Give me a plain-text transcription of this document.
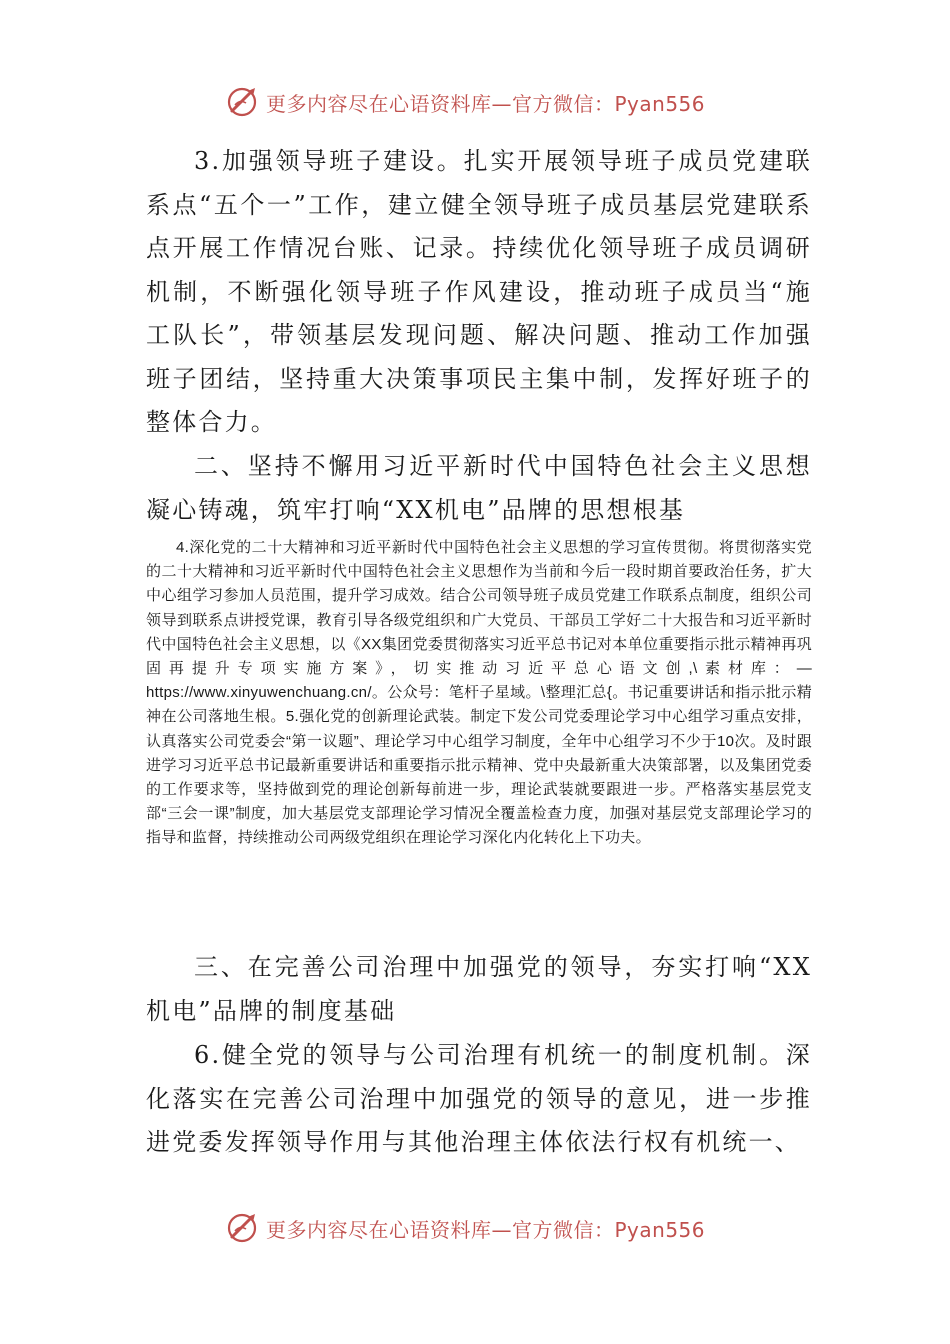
更多内容尽在心语资料库—官方微信：Pyan556

3.加强领导班子建设。扎实开展领导班子成员党建联系点“五个一”工作，建立健全领导班子成员基层党建联系点开展工作情况台账、记录。持续优化领导班子成员调研机制，不断强化领导班子作风建设，推动班子成员当“施工队长”，带领基层发现问题、解决问题、推动工作加强班子团结，坚持重大决策事项民主集中制，发挥好班子的整体合力。

二、坚持不懈用习近平新时代中国特色社会主义思想凝心铸魂，筑牢打响“XX机电”品牌的思想根基

4.深化党的二十大精神和习近平新时代中国特色社会主义思想的学习宣传贯彻。将贯彻落实党的二十大精神和习近平新时代中国特色社会主义思想作为当前和今后一段时期首要政治任务，扩大中心组学习参加人员范围，提升学习成效。结合公司领导班子成员党建工作联系点制度，组织公司领导到联系点讲授党课，教育引导各级党组织和广大党员、干部员工学好二十大报告和习近平新时代中国特色社会主义思想，以《XX集团党委贯彻落实习近平总书记对本单位重要指示批示精神再巩固再提升专项实施方案》，切实推动习近平总心语文创,\素材库：—https://www.xinyuwenchuang.cn/。公众号：笔杆子星域。\整理汇总{。书记重要讲话和指示批示精神在公司落地生根。5.强化党的创新理论武装。制定下发公司党委理论学习中心组学习重点安排，认真落实公司党委会“第一议题”、理论学习中心组学习制度，全年中心组学习不少于10次。及时跟进学习习近平总书记最新重要讲话和重要指示批示精神、党中央最新重大决策部署，以及集团党委的工作要求等，坚持做到党的理论创新每前进一步，理论武装就要跟进一步。严格落实基层党支部“三会一课”制度，加大基层党支部理论学习情况全覆盖检查力度，加强对基层党支部理论学习的指导和监督，持续推动公司两级党组织在理论学习深化内化转化上下功夫。

三、在完善公司治理中加强党的领导，夯实打响“XX机电”品牌的制度基础

6.健全党的领导与公司治理有机统一的制度机制。深化落实在完善公司治理中加强党的领导的意见，进一步推进党委发挥领导作用与其他治理主体依法行权有机统一、

更多内容尽在心语资料库—官方微信：Pyan556
